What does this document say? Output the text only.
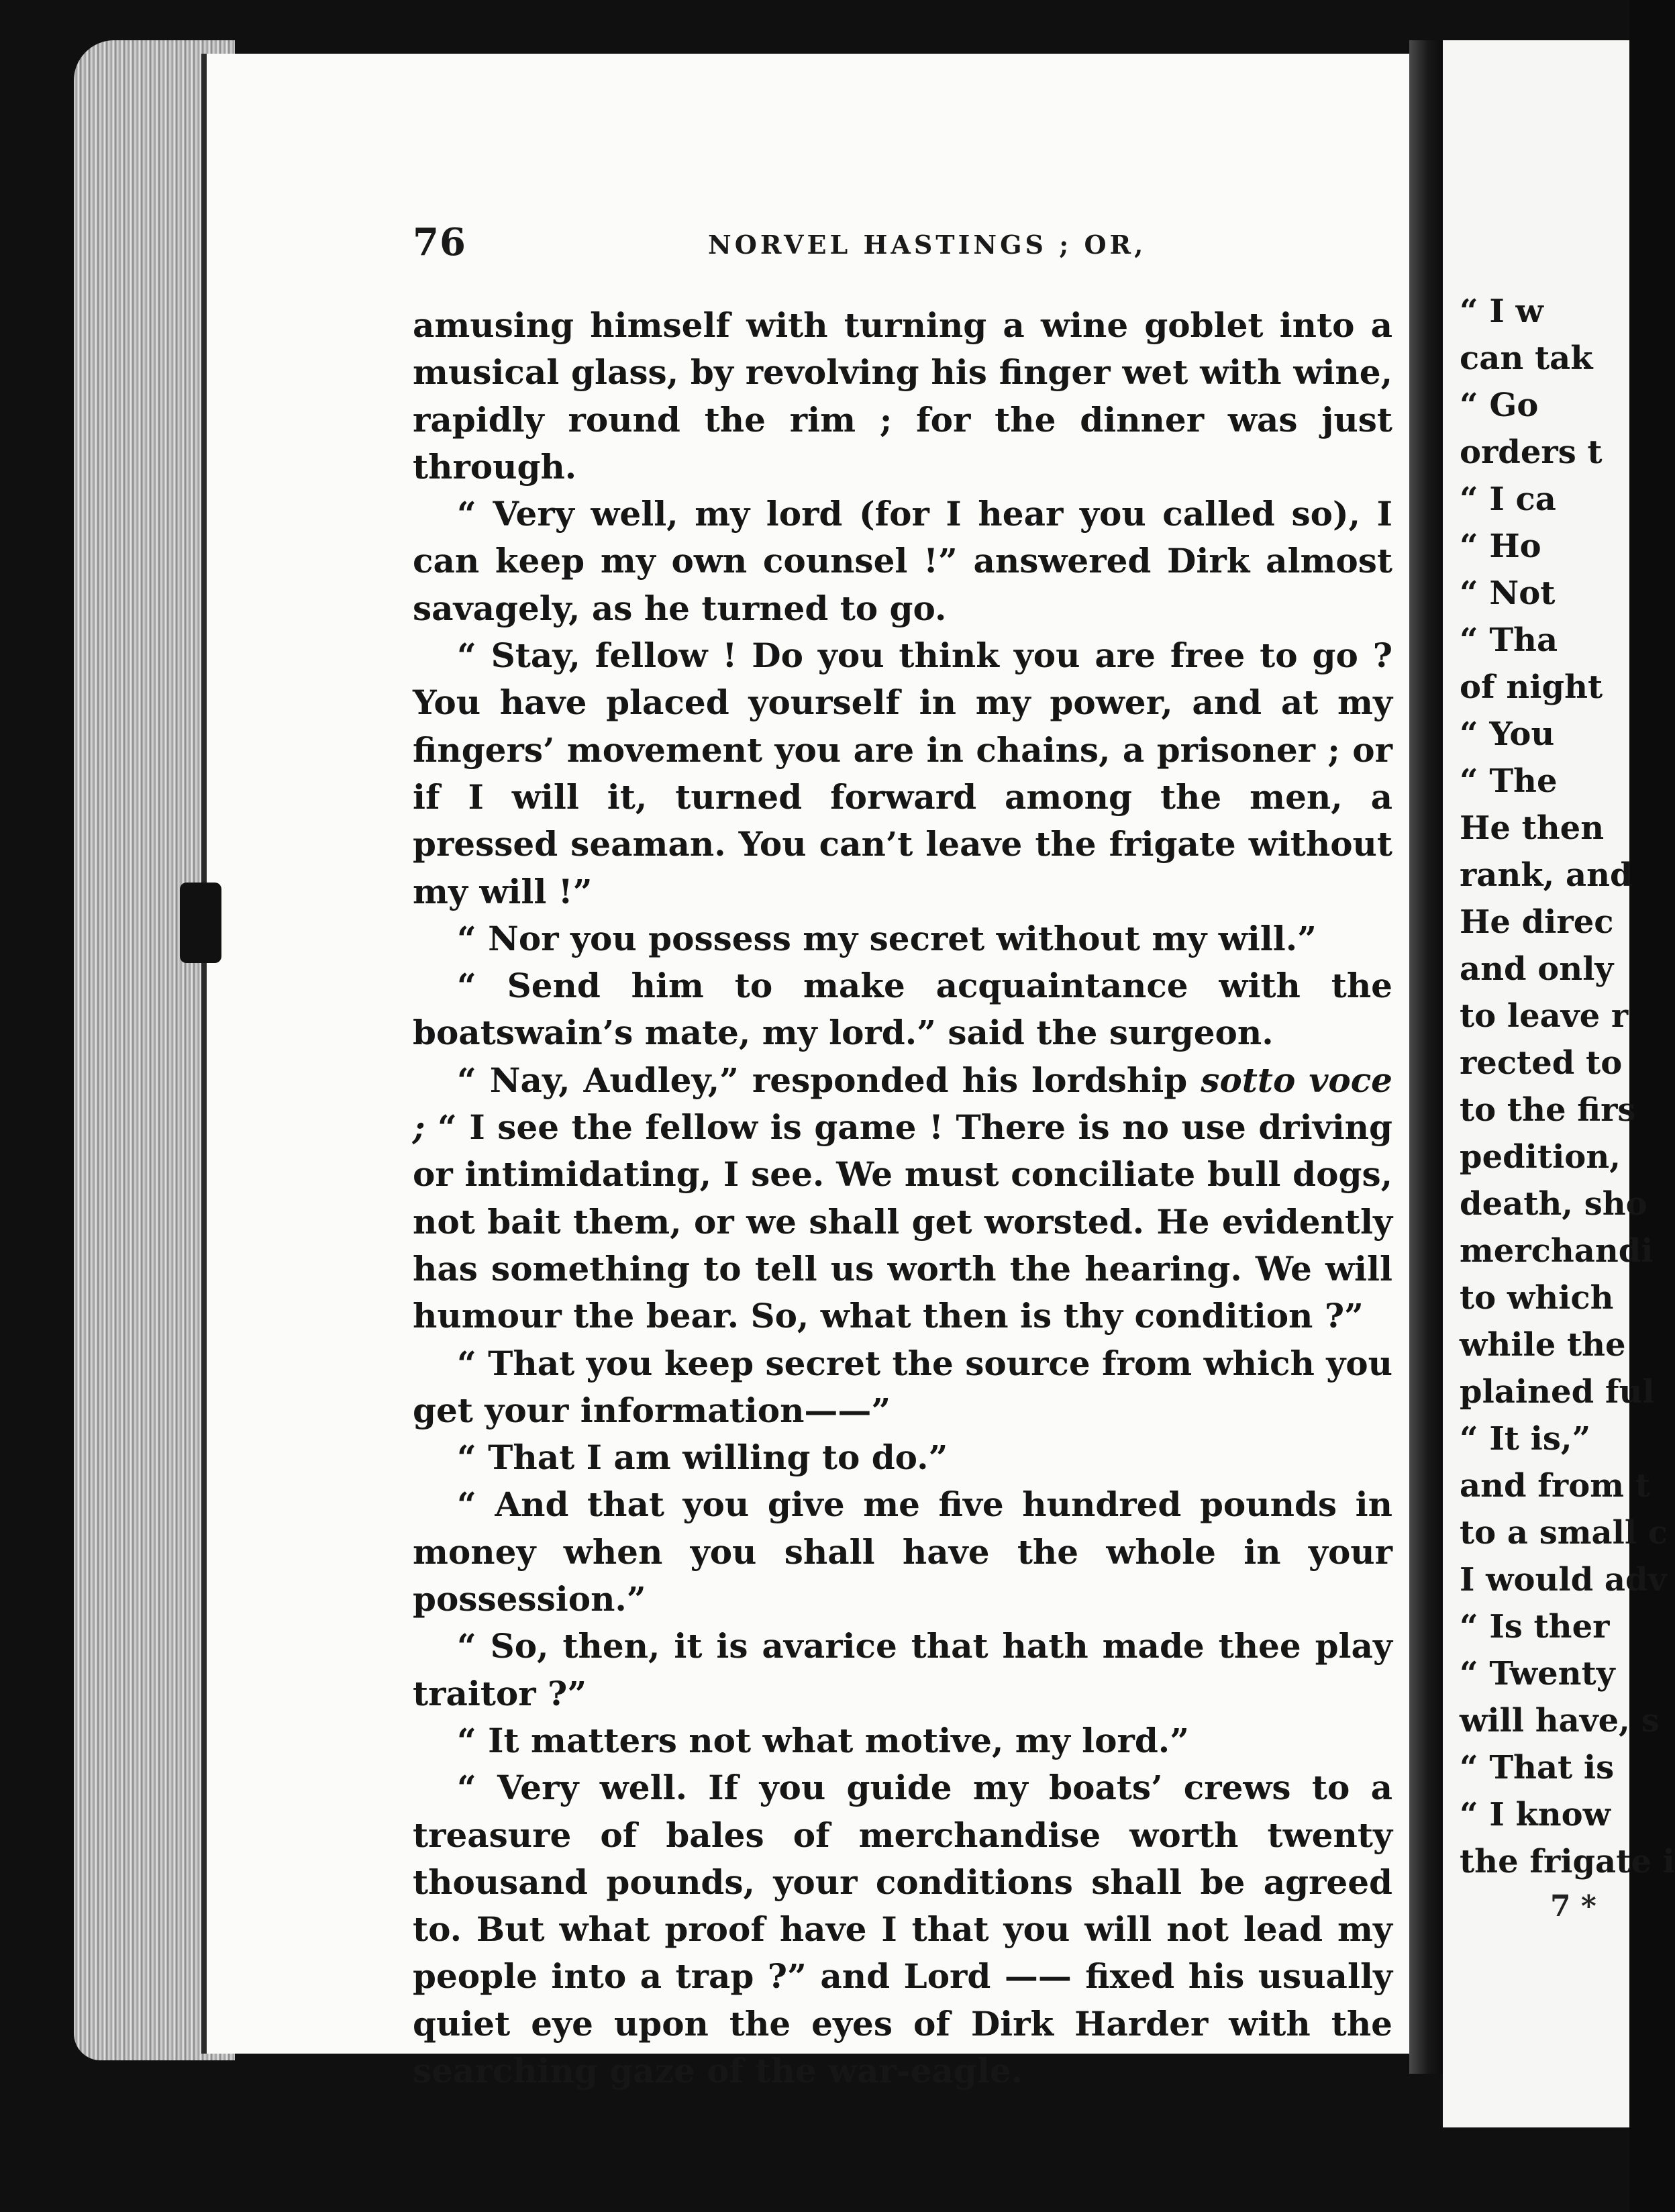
76	NORVEL HASTINGS ; OR,

amusing himself with turning a wine goblet into a musical glass, by revolving his finger wet with wine, rapidly round the rim ; for the dinner was just through.

“ Very well, my lord (for I hear you called so), I can keep my own counsel !” answered Dirk almost savagely, as he turned to go.

“ Stay, fellow ! Do you think you are free to go ? You have placed yourself in my power, and at my fingers’ movement you are in chains, a prisoner ; or if I will it, turned forward among the men, a pressed seaman. You can’t leave the frigate without my will !”

“ Nor you possess my secret without my will.”

“ Send him to make acquaintance with the boatswain’s mate, my lord.” said the surgeon.

“ Nay, Audley,” responded his lordship sotto voce ; “ I see the fellow is game ! There is no use driving or intimidating, I see. We must conciliate bull dogs, not bait them, or we shall get worsted. He evidently has something to tell us worth the hearing. We will humour the bear. So, what then is thy condition ?”

“ That you keep secret the source from which you get your information——”

“ That I am willing to do.”

“ And that you give me five hundred pounds in money when you shall have the whole in your possession.”

“ So, then, it is avarice that hath made thee play traitor ?”

“ It matters not what motive, my lord.”

“ Very well. If you guide my boats’ crews to a treasure of bales of merchandise worth twenty thousand pounds, your conditions shall be agreed to. But what proof have I that you will not lead my people into a trap ?” and Lord —— fixed his usually quiet eye upon the eyes of Dirk Harder with the searching gaze of the war-eagle.

“ I w
can tak
“ Go
orders t
“ I ca
“ Ho
“ Not
“ Tha
of night
“ You
“ The
He then
rank, and
He direc
and only
to leave r
rected to
to the firs
pedition,
death, sho
merchandi
to which
while the
plained ful
“ It is,”
and from t
to a small c
I would adv
“ Is ther
“ Twenty
will have, s
“ That is
“ I know
the frigate i
7 *
